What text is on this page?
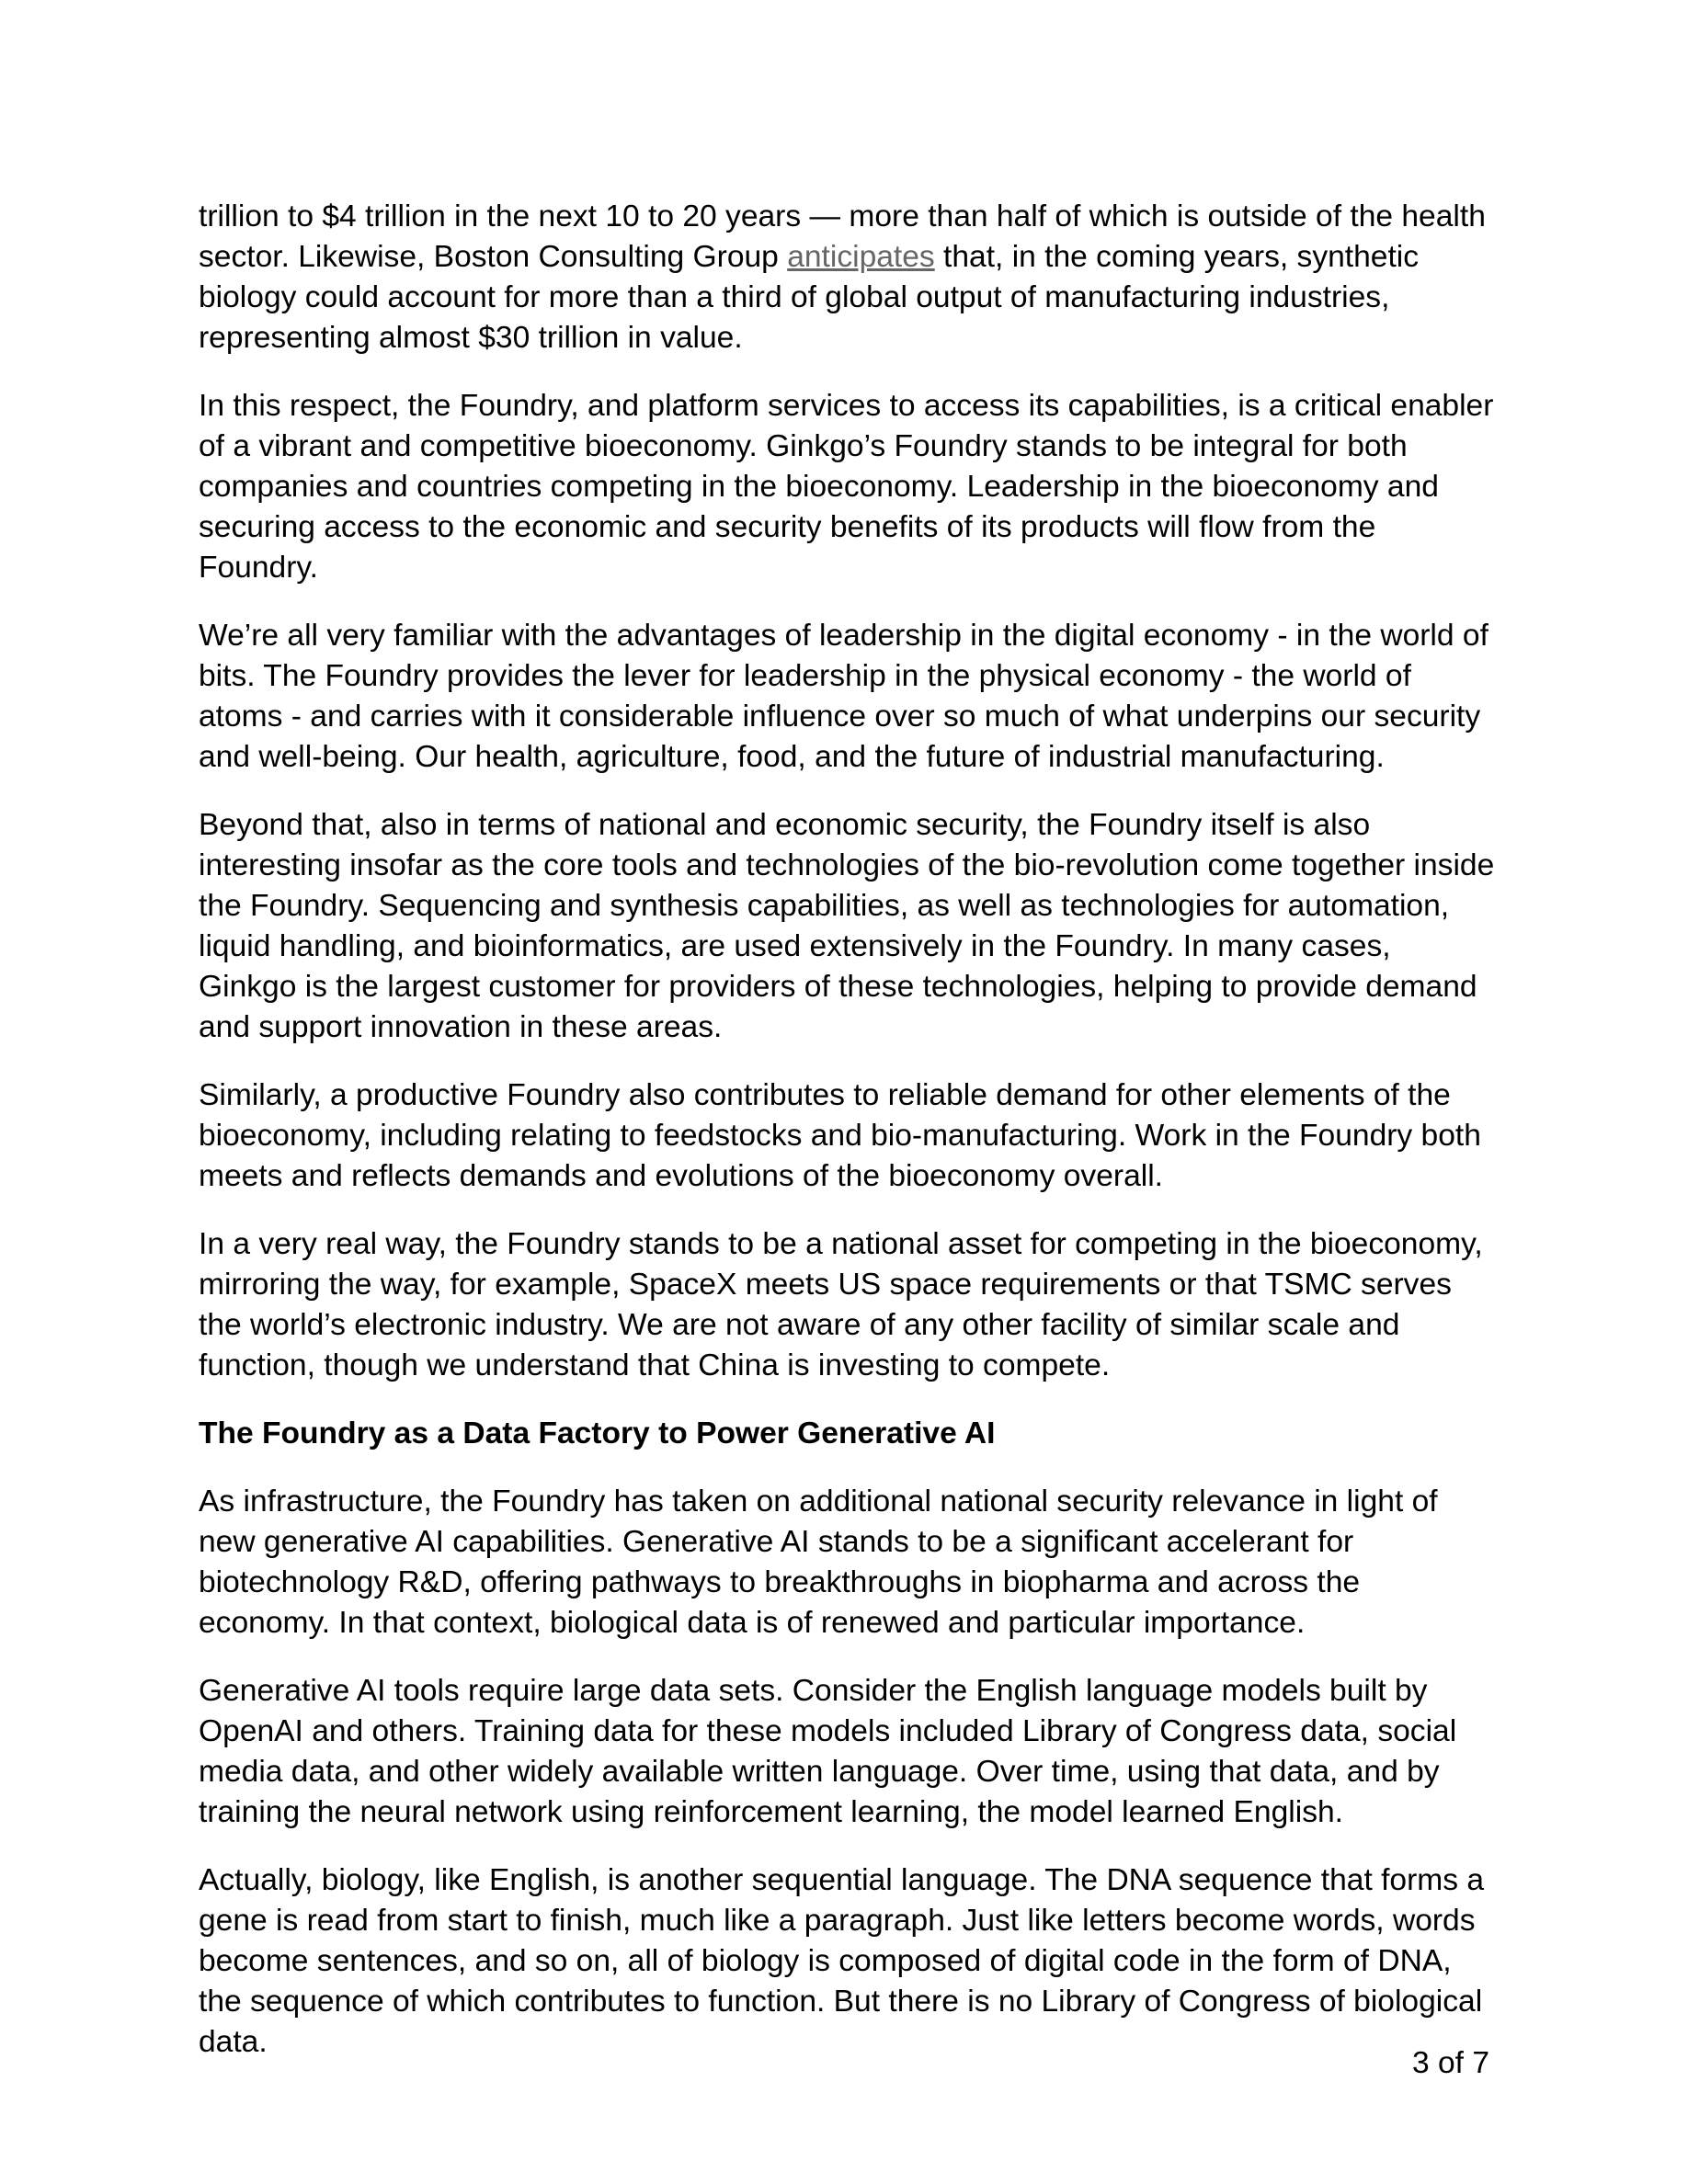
trillion to $4 trillion in the next 10 to 20 years — more than half of which is outside of the health sector. Likewise, Boston Consulting Group anticipates that, in the coming years, synthetic biology could account for more than a third of global output of manufacturing industries, representing almost $30 trillion in value.

In this respect, the Foundry, and platform services to access its capabilities, is a critical enabler of a vibrant and competitive bioeconomy. Ginkgo’s Foundry stands to be integral for both companies and countries competing in the bioeconomy. Leadership in the bioeconomy and securing access to the economic and security benefits of its products will flow from the Foundry.

We’re all very familiar with the advantages of leadership in the digital economy - in the world of bits. The Foundry provides the lever for leadership in the physical economy - the world of atoms - and carries with it considerable influence over so much of what underpins our security and well-being. Our health, agriculture, food, and the future of industrial manufacturing.

Beyond that, also in terms of national and economic security, the Foundry itself is also interesting insofar as the core tools and technologies of the bio-revolution come together inside the Foundry. Sequencing and synthesis capabilities, as well as technologies for automation, liquid handling, and bioinformatics, are used extensively in the Foundry. In many cases, Ginkgo is the largest customer for providers of these technologies, helping to provide demand and support innovation in these areas.

Similarly, a productive Foundry also contributes to reliable demand for other elements of the bioeconomy, including relating to feedstocks and bio-manufacturing. Work in the Foundry both meets and reflects demands and evolutions of the bioeconomy overall.

In a very real way, the Foundry stands to be a national asset for competing in the bioeconomy, mirroring the way, for example, SpaceX meets US space requirements or that TSMC serves the world’s electronic industry. We are not aware of any other facility of similar scale and function, though we understand that China is investing to compete.

The Foundry as a Data Factory to Power Generative AI

As infrastructure, the Foundry has taken on additional national security relevance in light of new generative AI capabilities. Generative AI stands to be a significant accelerant for biotechnology R&D, offering pathways to breakthroughs in biopharma and across the economy. In that context, biological data is of renewed and particular importance.

Generative AI tools require large data sets. Consider the English language models built by OpenAI and others. Training data for these models included Library of Congress data, social media data, and other widely available written language. Over time, using that data, and by training the neural network using reinforcement learning, the model learned English.

Actually, biology, like English, is another sequential language. The DNA sequence that forms a gene is read from start to finish, much like a paragraph. Just like letters become words, words become sentences, and so on, all of biology is composed of digital code in the form of DNA, the sequence of which contributes to function. But there is no Library of Congress of biological data.

3 of 7
